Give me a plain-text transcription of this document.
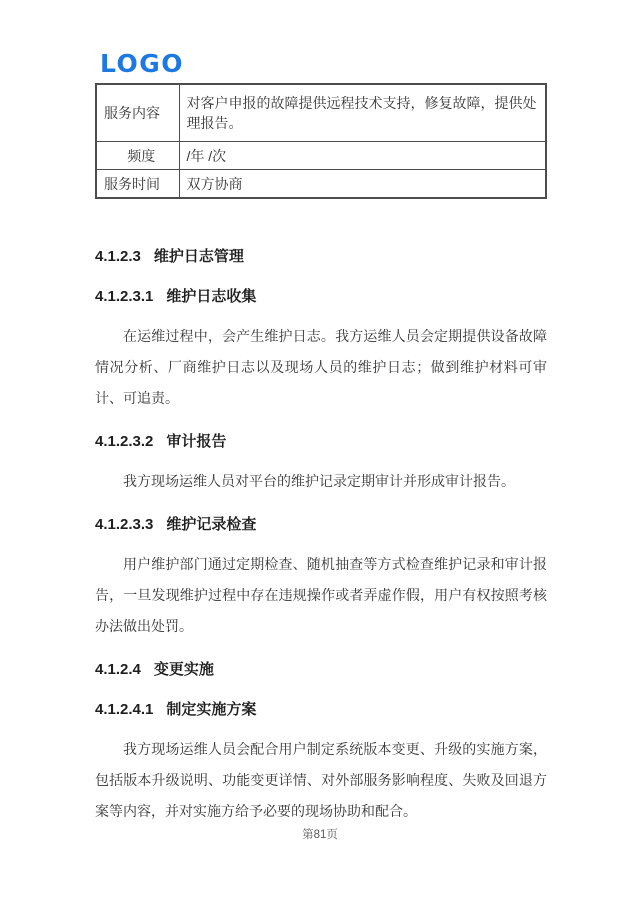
LOGO
服务内容	对客户申报的故障提供远程技术支持，修复故障，提供处理报告。
频度	/年 /次
服务时间	双方协商

4.1.2.3 维护日志管理

4.1.2.3.1 维护日志收集

在运维过程中，会产生维护日志。我方运维人员会定期提供设备故障情况分析、厂商维护日志以及现场人员的维护日志；做到维护材料可审计、可追责。

4.1.2.3.2 审计报告

我方现场运维人员对平台的维护记录定期审计并形成审计报告。

4.1.2.3.3 维护记录检查

用户维护部门通过定期检查、随机抽查等方式检查维护记录和审计报告，一旦发现维护过程中存在违规操作或者弄虚作假，用户有权按照考核办法做出处罚。

4.1.2.4 变更实施

4.1.2.4.1 制定实施方案

我方现场运维人员会配合用户制定系统版本变更、升级的实施方案，包括版本升级说明、功能变更详情、对外部服务影响程度、失败及回退方案等内容，并对实施方给予必要的现场协助和配合。

第81页
